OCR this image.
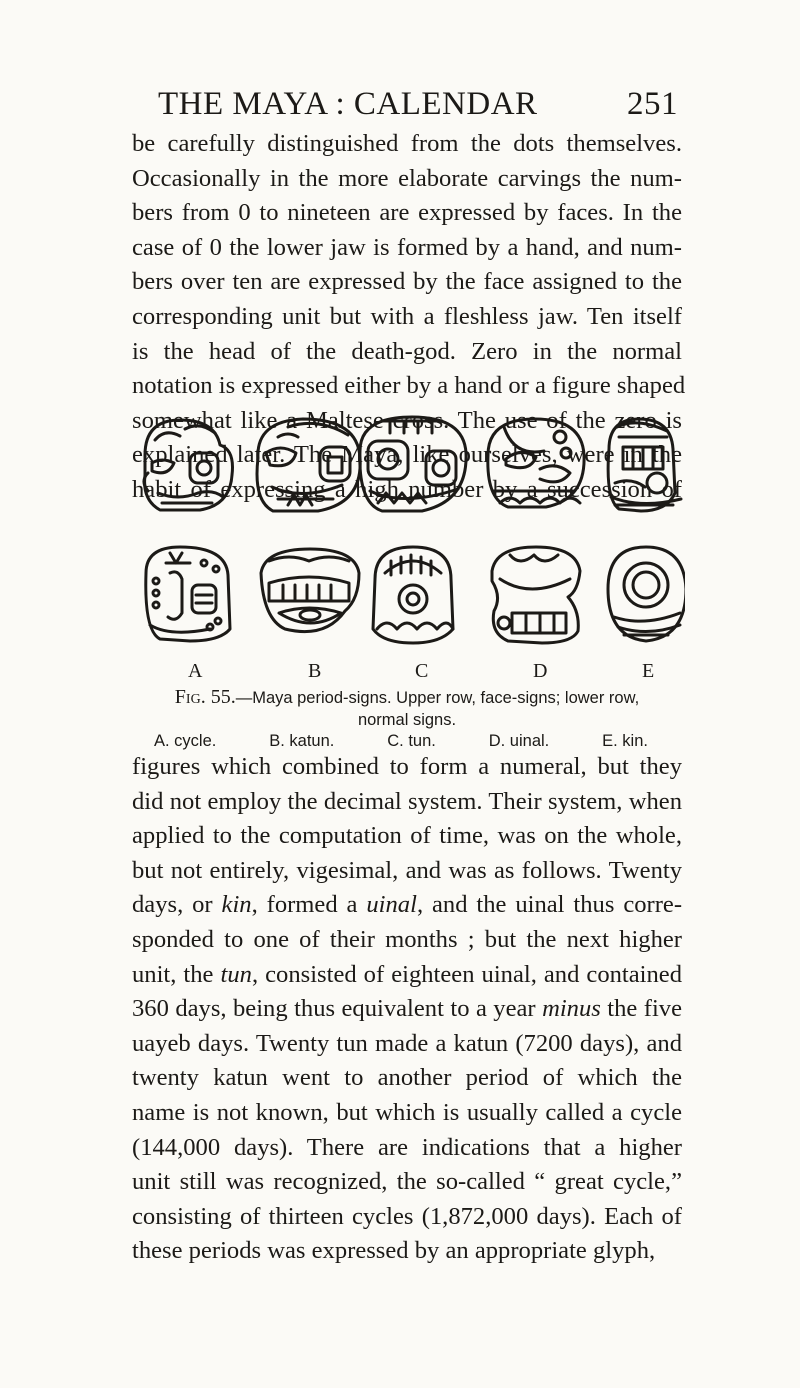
THE MAYA : CALENDAR	251
be carefully distinguished from the dots themselves.
Occasionally in the more elaborate carvings the num-
bers from 0 to nineteen are expressed by faces. In the
case of 0 the lower jaw is formed by a hand, and num-
bers over ten are expressed by the face assigned to the
corresponding unit but with a fleshless jaw. Ten itself
is the head of the death-god. Zero in the normal
notation is expressed either by a hand or a figure shaped
somewhat like a Maltese cross. The use of the zero is
explained later. The Maya, like ourselves, were in the
habit of expressing a high number by a succession of
A	B	C	D	E
Fig. 55.—Maya period-signs. Upper row, face-signs; lower row,
normal signs.
A. cycle.	B. katun.	C. tun.	D. uinal.	E. kin.
figures which combined to form a numeral, but they
did not employ the decimal system. Their system, when
applied to the computation of time, was on the whole,
but not entirely, vigesimal, and was as follows. Twenty
days, or kin, formed a uinal, and the uinal thus corre-
sponded to one of their months ; but the next higher
unit, the tun, consisted of eighteen uinal, and contained
360 days, being thus equivalent to a year minus the five
uayeb days. Twenty tun made a katun (7200 days), and
twenty katun went to another period of which the
name is not known, but which is usually called a cycle
(144,000 days). There are indications that a higher
unit still was recognized, the so-called “ great cycle,”
consisting of thirteen cycles (1,872,000 days). Each of
these periods was expressed by an appropriate glyph,
